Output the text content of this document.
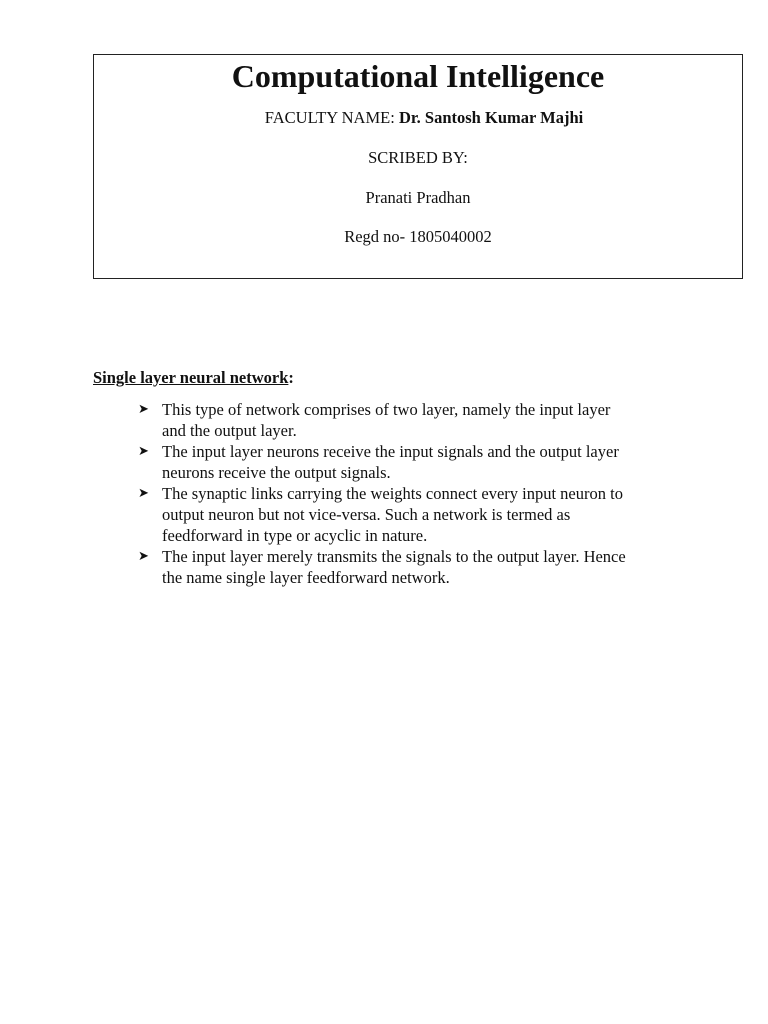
Computational Intelligence
FACULTY NAME: Dr. Santosh Kumar Majhi
SCRIBED BY:
Pranati Pradhan
Regd no- 1805040002
Single layer neural network:
➤ This type of network comprises of two layer, namely the input layer
and the output layer.
➤ The input layer neurons receive the input signals and the output layer
neurons receive the output signals.
➤ The synaptic links carrying the weights connect every input neuron to
output neuron but not vice-versa. Such a network is termed as
feedforward in type or acyclic in nature.
➤ The input layer merely transmits the signals to the output layer. Hence
the name single layer feedforward network.
